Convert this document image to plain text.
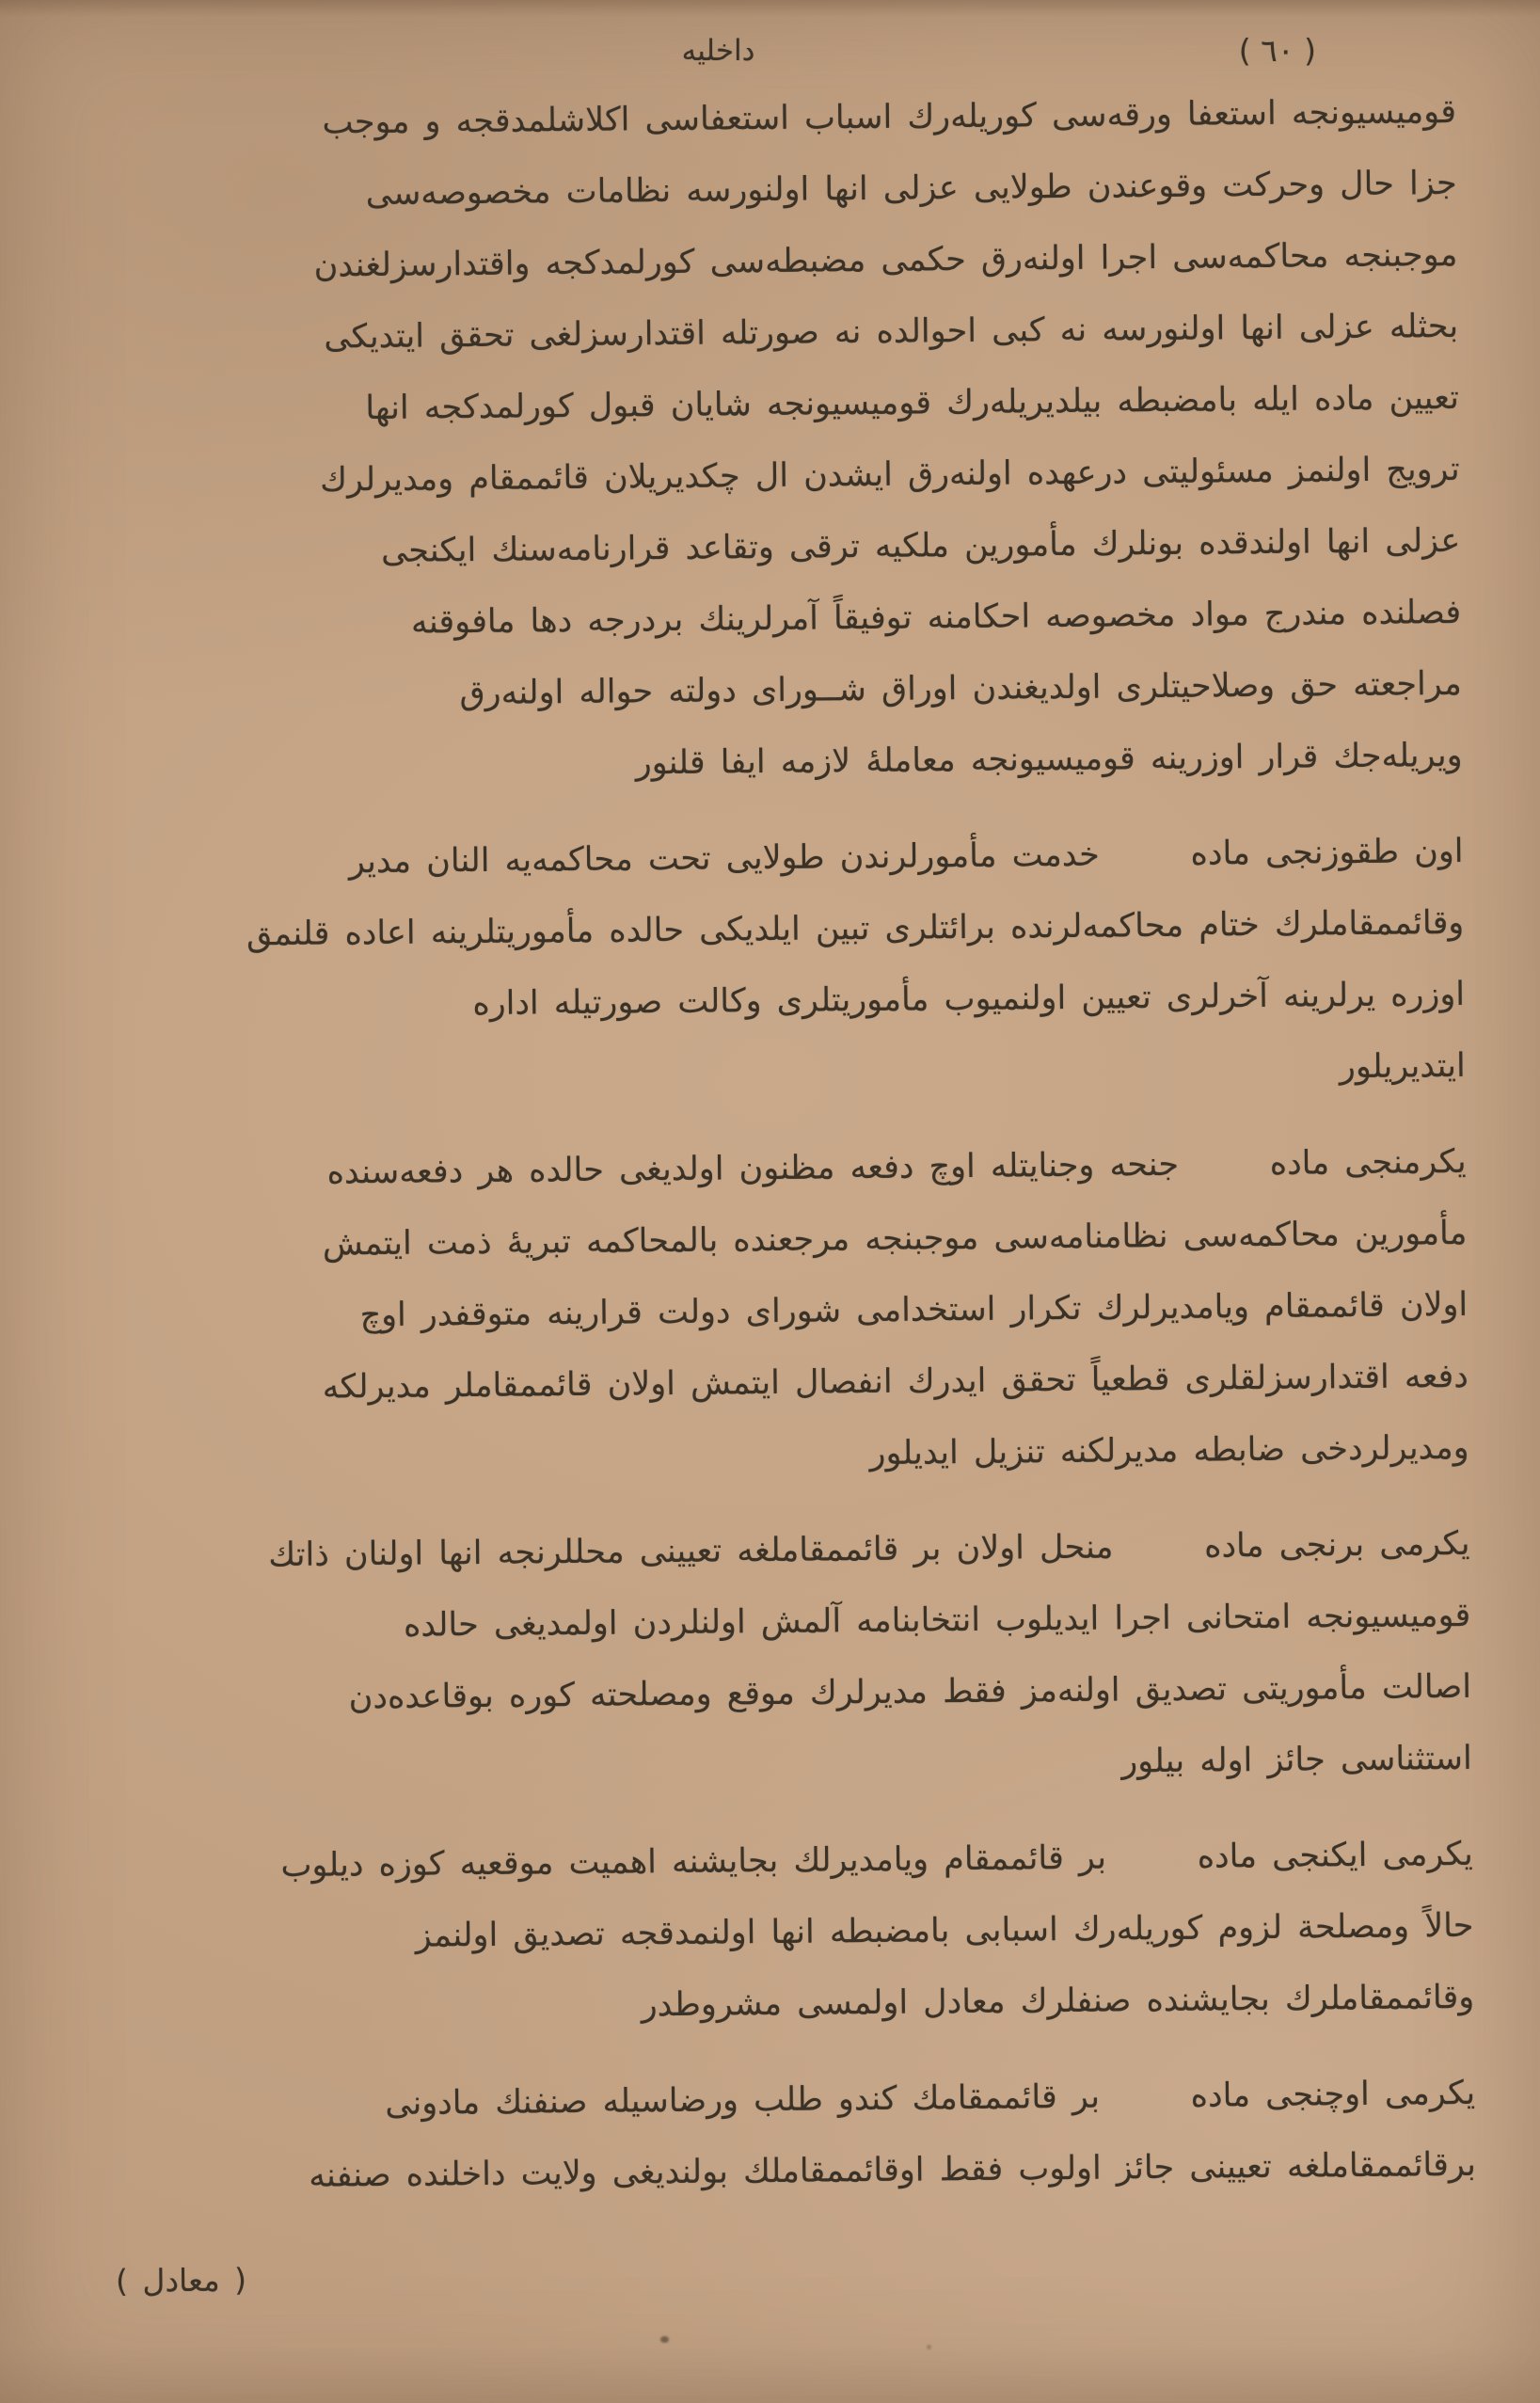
( ٦٠ )
داخليه
قوميسيونجه استعفا ورقه‌سى كوريله‌رك اسباب استعفاسى اكلاشلمدقجه و موجب
جزا حال وحركت وقوعندن طولايى عزلى انها اولنورسه نظامات مخصوصه‌سى
موجبنجه محاكمه‌سى اجرا اولنه‌رق حكمى مضبطه‌سى كورلمدكجه واقتدارسزلغندن
بحثله عزلى انها اولنورسه نه كبى احوالده نه صورتله اقتدارسزلغى تحقق ايتديكى
تعيين ماده ايله بامضبطه بيلديريله‌رك قوميسيونجه شايان قبول كورلمدكجه انها
ترويج اولنمز مسئوليتى درعهده اولنه‌رق ايشدن ال چكديريلان قائممقام ومديرلرك
عزلى انها اولندقده بونلرك مأمورين ملكيه ترقى وتقاعد قرارنامه‌سنك ايكنجى
فصلنده مندرج مواد مخصوصه احكامنه توفيقاً آمرلرينك بردرجه دها مافوقنه
مراجعته حق وصلاحيتلرى اولديغندن اوراق شــوراى دولته حواله اولنه‌رق
ويريله‌جك قرار اوزرينه قوميسيونجه معاملهٔ لازمه ايفا قلنور
اون طقوزنجى ماده      خدمت مأمورلرندن طولايى تحت محاكمه‌يه النان مدير
وقائممقاملرك ختام محاكمه‌لرنده برائتلرى تبين ايلديكى حالده مأموريتلرينه اعاده قلنمق
اوزره يرلرينه آخرلرى تعيين اولنميوب مأموريتلرى وكالت صورتيله اداره
ايتديريلور
يكرمنجى ماده      جنحه وجنايتله اوچ دفعه مظنون اولديغى حالده هر دفعه‌سنده
مأمورين محاكمه‌سى نظامنامه‌سى موجبنجه مرجعنده بالمحاكمه تبريهٔ ذمت ايتمش
اولان قائممقام ويامديرلرك تكرار استخدامى شوراى دولت قرارينه متوقفدر اوچ
دفعه اقتدارسزلقلرى قطعياً تحقق ايدرك انفصال ايتمش اولان قائممقاملر مديرلكه
ومديرلردخى ضابطه مديرلكنه تنزيل ايديلور
يكرمى برنجى ماده      منحل اولان بر قائممقاملغه تعيينى محللرنجه انها اولنان ذاتك
قوميسيونجه امتحانى اجرا ايديلوب انتخابنامه آلمش اولنلردن اولمديغى حالده
اصالت مأموريتى تصديق اولنه‌مز فقط مديرلرك موقع ومصلحته كوره بوقاعده‌دن
استثناسى جائز اوله بيلور
يكرمى ايكنجى ماده      بر قائممقام ويامديرلك بجايشنه اهميت موقعيه كوزه ديلوب
حالاً ومصلحة لزوم كوريله‌رك اسبابى بامضبطه انها اولنمدقجه تصديق اولنمز
وقائممقاملرك بجايشنده صنفلرك معادل اولمسى مشروطدر
يكرمى اوچنجى ماده      بر قائممقامك كندو طلب ورضاسيله صنفنك مادونى
برقائممقاملغه تعيينى جائز اولوب فقط اوقائممقاملك بولنديغى ولايت داخلنده صنفنه
( معادل )
